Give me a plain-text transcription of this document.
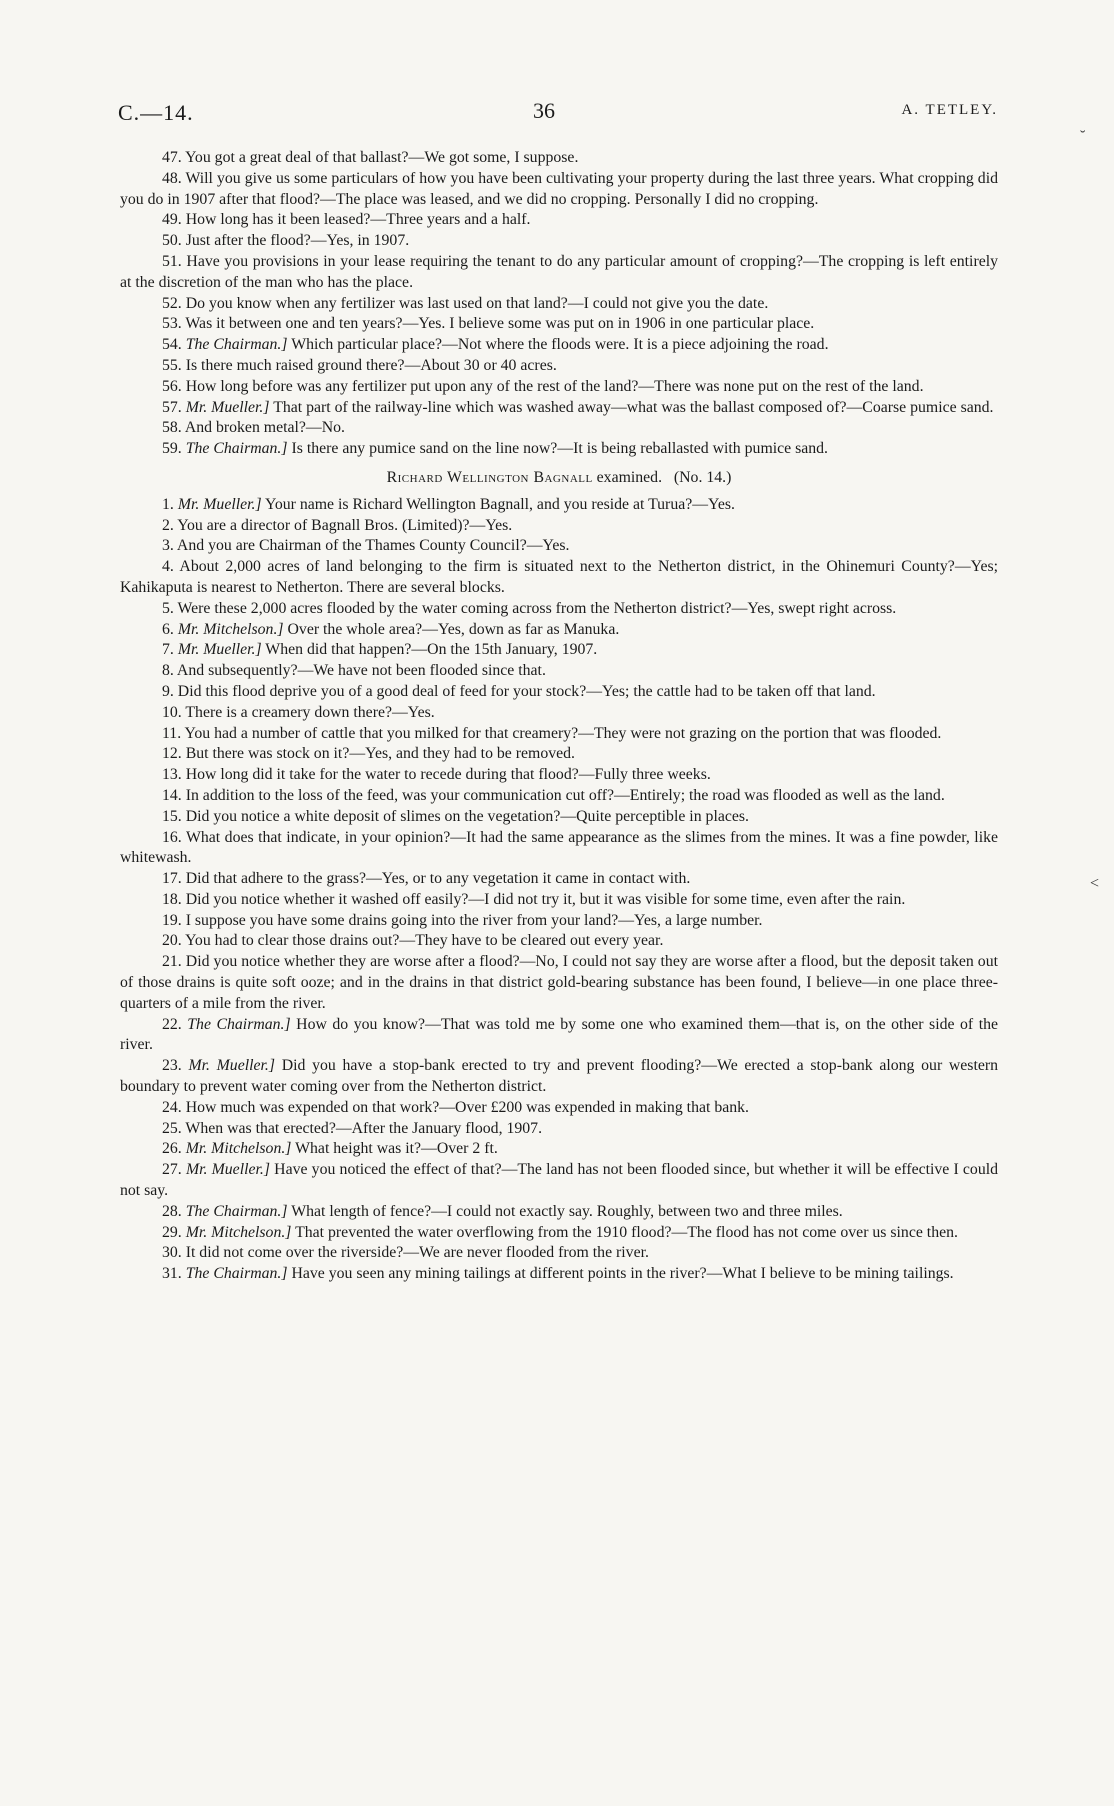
C.—14.	36	A. TETLEY.
˘
˂

47. You got a great deal of that ballast?—We got some, I suppose.

48. Will you give us some particulars of how you have been cultivating your property during the last three years. What cropping did you do in 1907 after that flood?—The place was leased, and we did no cropping. Personally I did no cropping.

49. How long has it been leased?—Three years and a half.

50. Just after the flood?—Yes, in 1907.

51. Have you provisions in your lease requiring the tenant to do any particular amount of cropping?—The cropping is left entirely at the discretion of the man who has the place.

52. Do you know when any fertilizer was last used on that land?—I could not give you the date.

53. Was it between one and ten years?—Yes. I believe some was put on in 1906 in one particular place.

54. The Chairman.] Which particular place?—Not where the floods were. It is a piece adjoining the road.

55. Is there much raised ground there?—About 30 or 40 acres.

56. How long before was any fertilizer put upon any of the rest of the land?—There was none put on the rest of the land.

57. Mr. Mueller.] That part of the railway-line which was washed away—what was the ballast composed of?—Coarse pumice sand.

58. And broken metal?—No.

59. The Chairman.] Is there any pumice sand on the line now?—It is being reballasted with pumice sand.

Richard Wellington Bagnall examined. (No. 14.)

1. Mr. Mueller.] Your name is Richard Wellington Bagnall, and you reside at Turua?—Yes.

2. You are a director of Bagnall Bros. (Limited)?—Yes.

3. And you are Chairman of the Thames County Council?—Yes.

4. About 2,000 acres of land belonging to the firm is situated next to the Netherton district, in the Ohinemuri County?—Yes; Kahikaputa is nearest to Netherton. There are several blocks.

5. Were these 2,000 acres flooded by the water coming across from the Netherton district?—Yes, swept right across.

6. Mr. Mitchelson.] Over the whole area?—Yes, down as far as Manuka.

7. Mr. Mueller.] When did that happen?—On the 15th January, 1907.

8. And subsequently?—We have not been flooded since that.

9. Did this flood deprive you of a good deal of feed for your stock?—Yes; the cattle had to be taken off that land.

10. There is a creamery down there?—Yes.

11. You had a number of cattle that you milked for that creamery?—They were not grazing on the portion that was flooded.

12. But there was stock on it?—Yes, and they had to be removed.

13. How long did it take for the water to recede during that flood?—Fully three weeks.

14. In addition to the loss of the feed, was your communication cut off?—Entirely; the road was flooded as well as the land.

15. Did you notice a white deposit of slimes on the vegetation?—Quite perceptible in places.

16. What does that indicate, in your opinion?—It had the same appearance as the slimes from the mines. It was a fine powder, like whitewash.

17. Did that adhere to the grass?—Yes, or to any vegetation it came in contact with.

18. Did you notice whether it washed off easily?—I did not try it, but it was visible for some time, even after the rain.

19. I suppose you have some drains going into the river from your land?—Yes, a large number.

20. You had to clear those drains out?—They have to be cleared out every year.

21. Did you notice whether they are worse after a flood?—No, I could not say they are worse after a flood, but the deposit taken out of those drains is quite soft ooze; and in the drains in that district gold-bearing substance has been found, I believe—in one place three-quarters of a mile from the river.

22. The Chairman.] How do you know?—That was told me by some one who examined them—that is, on the other side of the river.

23. Mr. Mueller.] Did you have a stop-bank erected to try and prevent flooding?—We erected a stop-bank along our western boundary to prevent water coming over from the Netherton district.

24. How much was expended on that work?—Over £200 was expended in making that bank.

25. When was that erected?—After the January flood, 1907.

26. Mr. Mitchelson.] What height was it?—Over 2 ft.

27. Mr. Mueller.] Have you noticed the effect of that?—The land has not been flooded since, but whether it will be effective I could not say.

28. The Chairman.] What length of fence?—I could not exactly say. Roughly, between two and three miles.

29. Mr. Mitchelson.] That prevented the water overflowing from the 1910 flood?—The flood has not come over us since then.

30. It did not come over the riverside?—We are never flooded from the river.

31. The Chairman.] Have you seen any mining tailings at different points in the river?—What I believe to be mining tailings.
